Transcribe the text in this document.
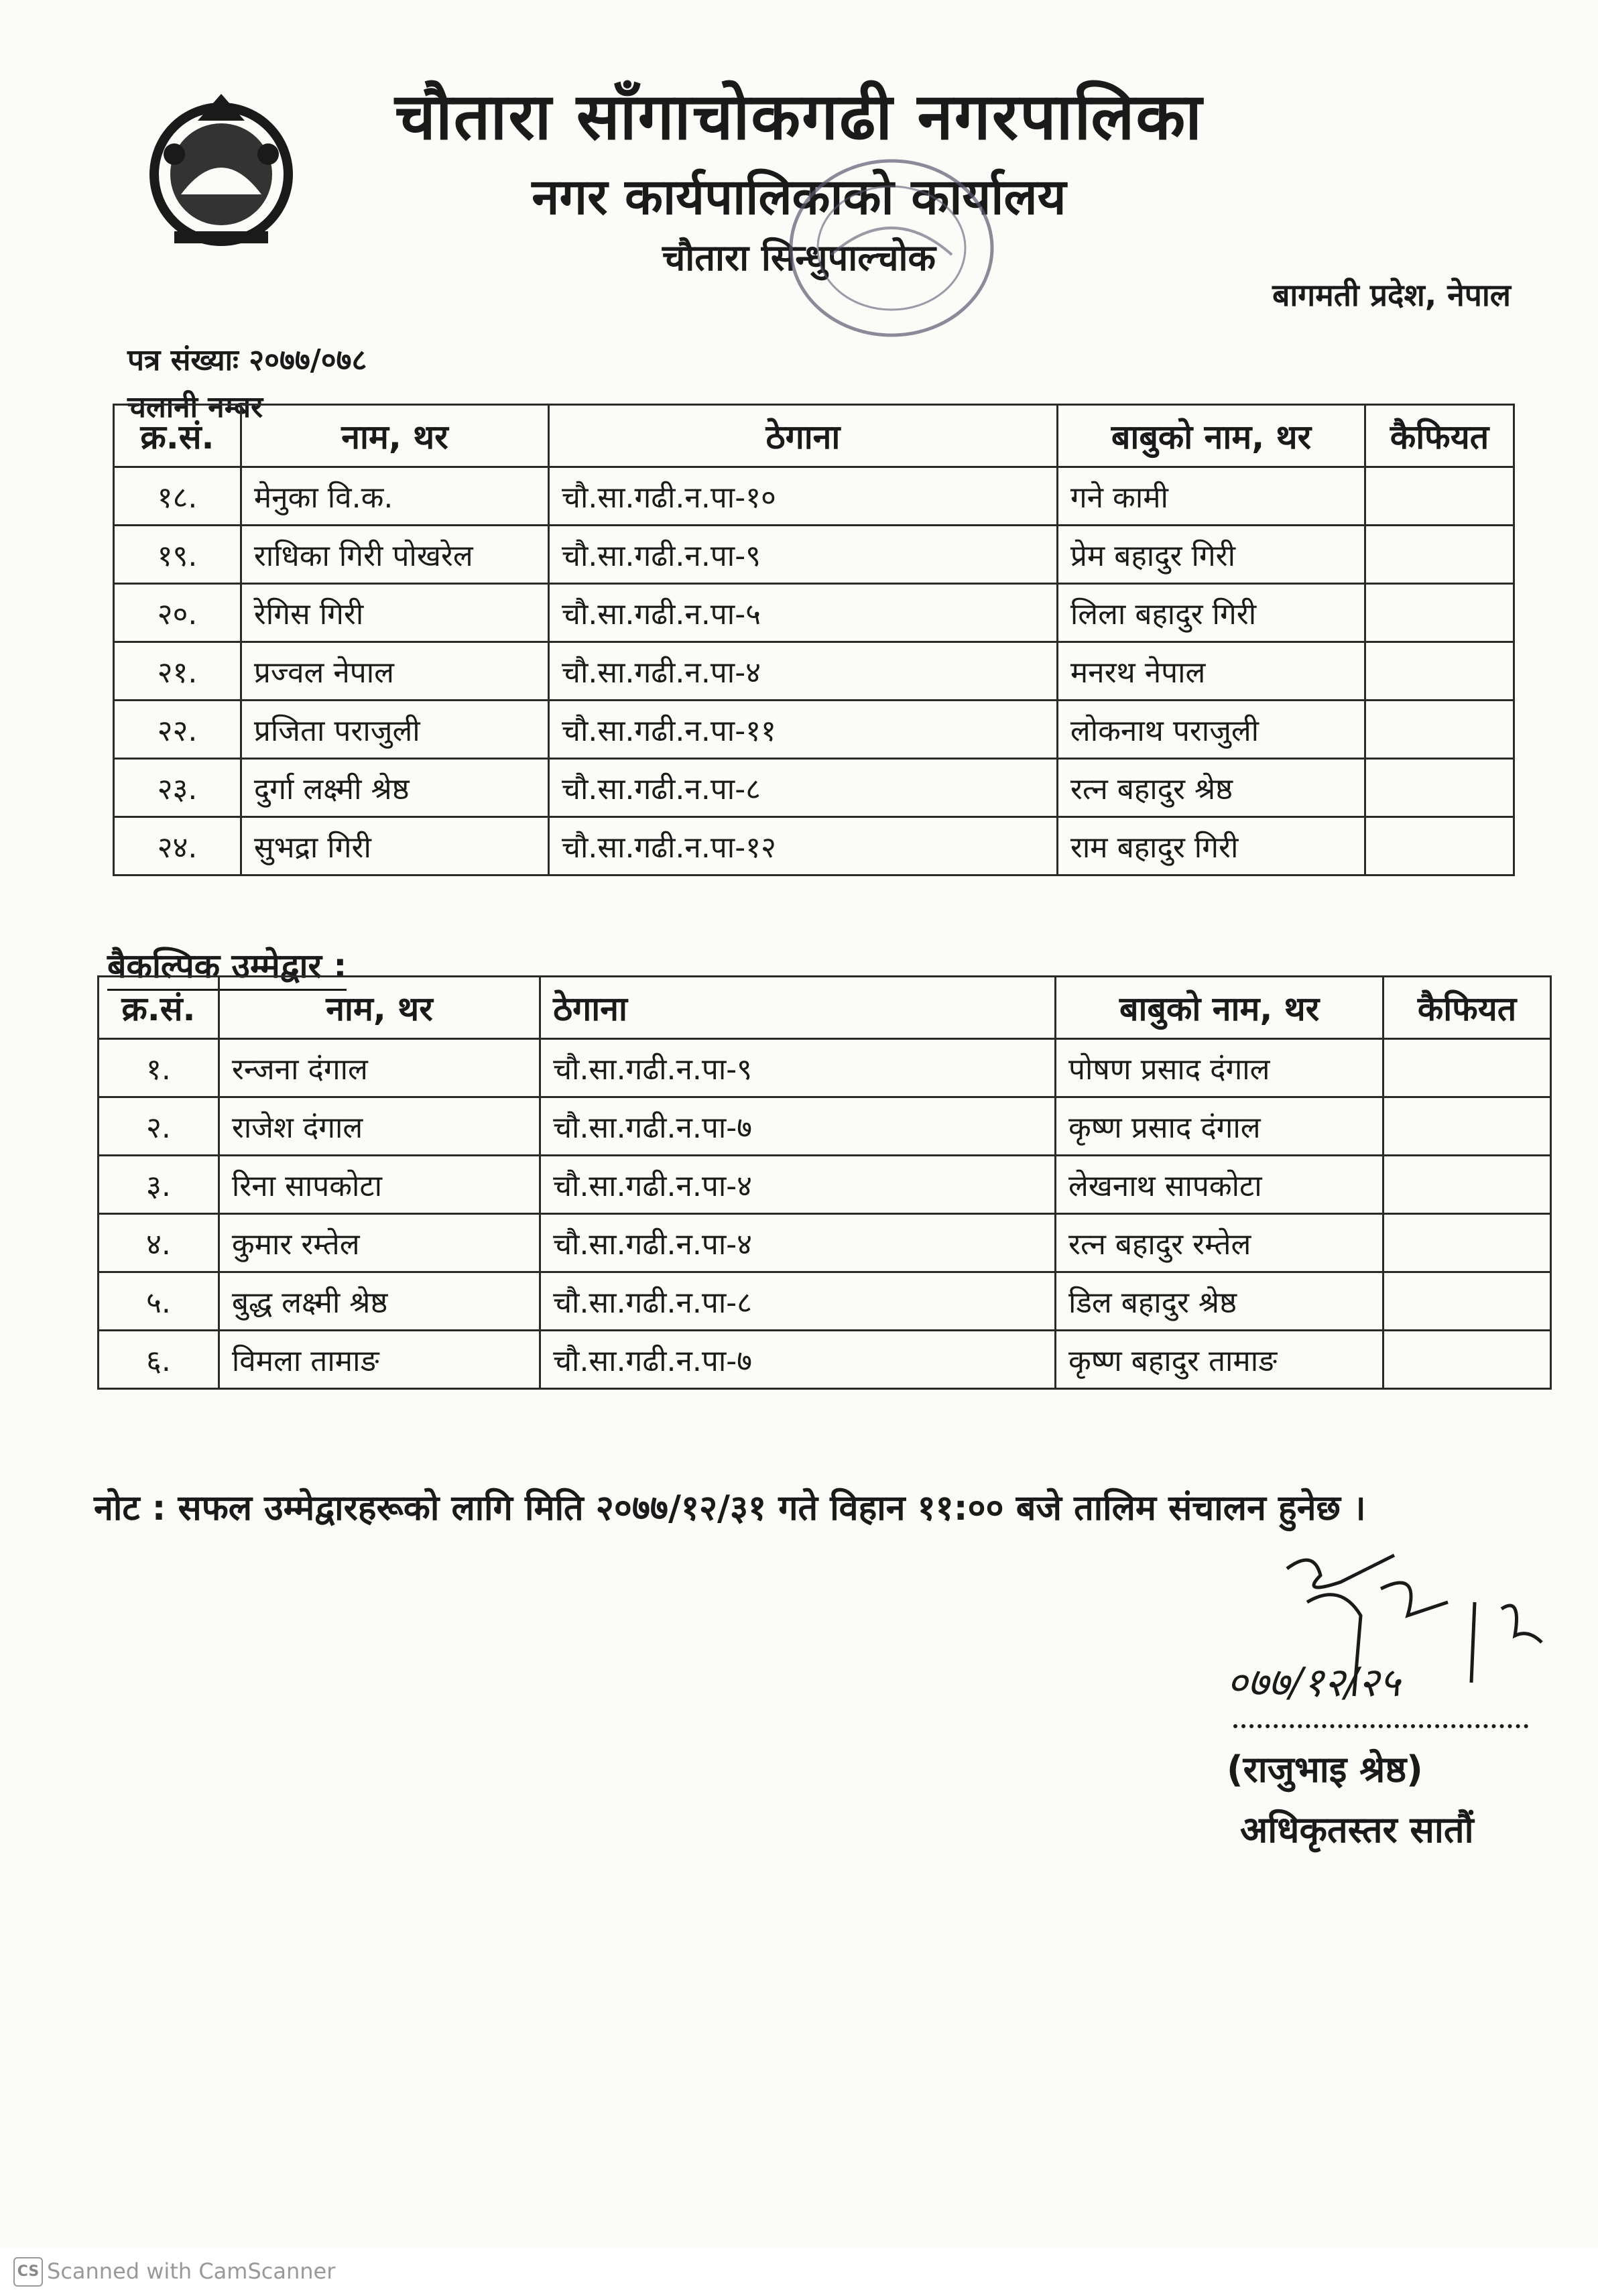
चौतारा साँगाचोकगढी नगरपालिका
नगर कार्यपालिकाको कार्यालय
चौतारा सिन्धुपाल्चोक
बागमती प्रदेश, नेपाल
पत्र संख्याः २०७७/०७८
चलानी नम्बर
क्र.सं.	नाम, थर	ठेगाना	बाबुको नाम, थर	कैफियत
१८.	मेनुका वि.क.	चौ.सा.गढी.न.पा-१०	गने कामी	
१९.	राधिका गिरी पोखरेल	चौ.सा.गढी.न.पा-९	प्रेम बहादुर गिरी	
२०.	रेगिस गिरी	चौ.सा.गढी.न.पा-५	लिला बहादुर गिरी	
२१.	प्रज्वल नेपाल	चौ.सा.गढी.न.पा-४	मनरथ नेपाल	
२२.	प्रजिता पराजुली	चौ.सा.गढी.न.पा-११	लोकनाथ पराजुली	
२३.	दुर्गा लक्ष्मी श्रेष्ठ	चौ.सा.गढी.न.पा-८	रत्न बहादुर श्रेष्ठ	
२४.	सुभद्रा गिरी	चौ.सा.गढी.न.पा-१२	राम बहादुर गिरी	
बैकल्पिक उम्मेद्वार :
क्र.सं.	नाम, थर	ठेगाना	बाबुको नाम, थर	कैफियत
१.	रन्जना दंगाल	चौ.सा.गढी.न.पा-९	पोषण प्रसाद दंगाल	
२.	राजेश दंगाल	चौ.सा.गढी.न.पा-७	कृष्ण प्रसाद दंगाल	
३.	रिना सापकोटा	चौ.सा.गढी.न.पा-४	लेखनाथ सापकोटा	
४.	कुमार रम्तेल	चौ.सा.गढी.न.पा-४	रत्न बहादुर रम्तेल	
५.	बुद्ध लक्ष्मी श्रेष्ठ	चौ.सा.गढी.न.पा-८	डिल बहादुर श्रेष्ठ	
६.	विमला तामाङ	चौ.सा.गढी.न.पा-७	कृष्ण बहादुर तामाङ	
नोट : सफल उम्मेद्वारहरूको लागि मिति २०७७/१२/३१ गते विहान ११:०० बजे तालिम संचालन हुनेछ ।
०७७/१२/२५
(राजुभाइ श्रेष्ठ)
अधिकृतस्तर सातौं
CS Scanned with CamScanner
